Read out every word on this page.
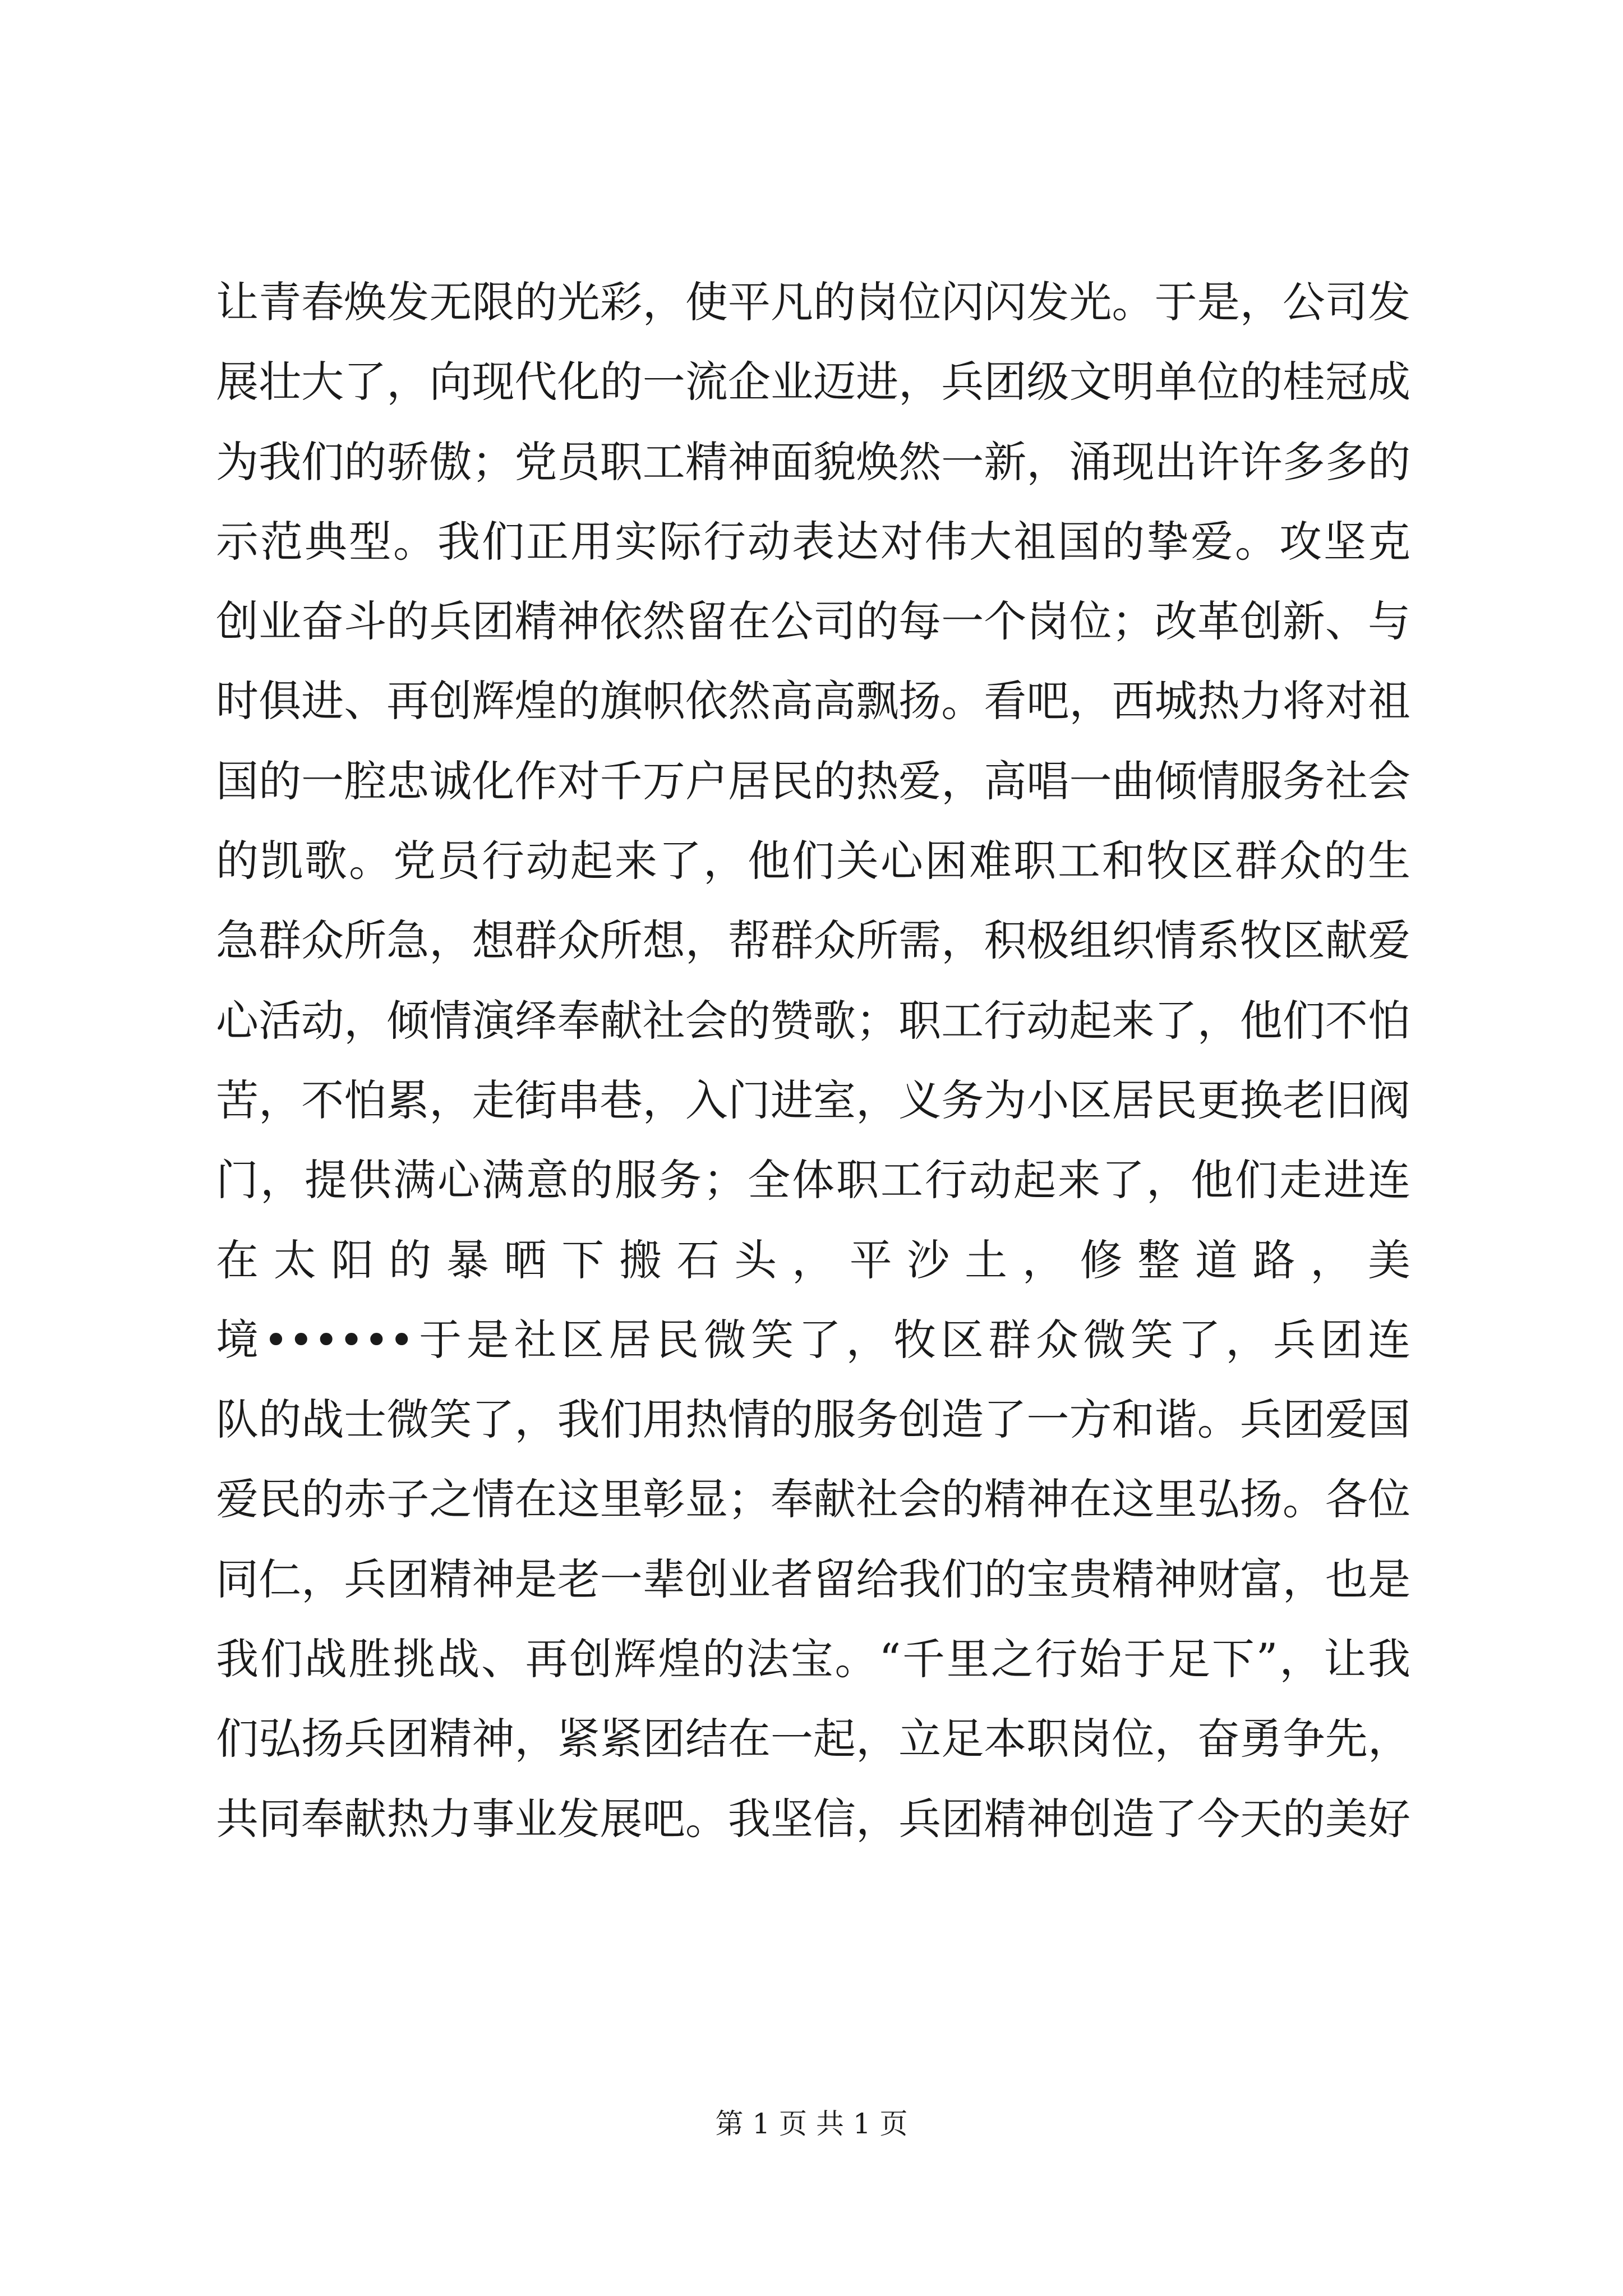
让青春焕发无限的光彩，使平凡的岗位闪闪发光。于是，公司发
展壮大了，向现代化的一流企业迈进，兵团级文明单位的桂冠成
为我们的骄傲；党员职工精神面貌焕然一新，涌现出许许多多的
示范典型。我们正用实际行动表达对伟大祖国的挚爱。攻坚克
创业奋斗的兵团精神依然留在公司的每一个岗位；改革创新、与
时俱进、再创辉煌的旗帜依然高高飘扬。看吧，西城热力将对祖
国的一腔忠诚化作对千万户居民的热爱，高唱一曲倾情服务社会
的凯歌。党员行动起来了，他们关心困难职工和牧区群众的生
急群众所急，想群众所想，帮群众所需，积极组织情系牧区献爱
心活动，倾情演绎奉献社会的赞歌；职工行动起来了，他们不怕
苦，不怕累，走街串巷，入门进室，义务为小区居民更换老旧阀
门，提供满心满意的服务；全体职工行动起来了，他们走进连
在 太 阳 的 暴 晒 下 搬 石 头 ， 平 沙 土 ， 修 整 道 路 ， 美
境••••••于是社区居民微笑了，牧区群众微笑了，兵团连
队的战士微笑了，我们用热情的服务创造了一方和谐。兵团爱国
爱民的赤子之情在这里彰显；奉献社会的精神在这里弘扬。各位
同仁，兵团精神是老一辈创业者留给我们的宝贵精神财富，也是
我们战胜挑战、再创辉煌的法宝。“千里之行始于足下”，让我
们弘扬兵团精神，紧紧团结在一起，立足本职岗位，奋勇争先，
共同奉献热力事业发展吧。我坚信，兵团精神创造了今天的美好

第 1 页 共 1 页
